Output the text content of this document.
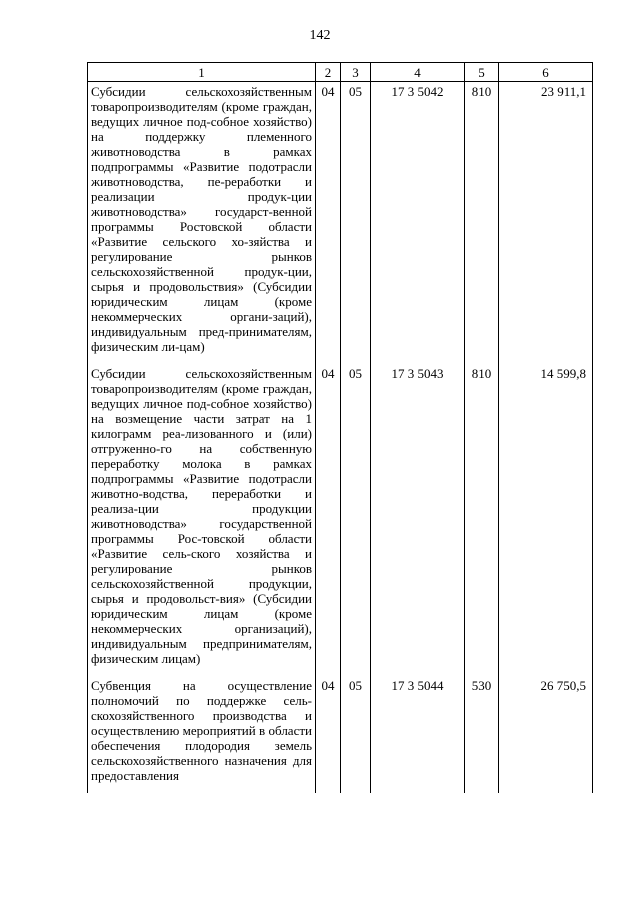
142
1	2	3	4	5	6
Субсидии сельскохозяйственным товаропроизводителям (кроме граждан, ведущих личное под-собное хозяйство) на поддержку племенного животноводства в рамках подпрограммы «Развитие подотрасли животноводства, пе-реработки и реализации продук-ции животноводства» государст-венной программы Ростовской области «Развитие сельского хо-зяйства и регулирование рынков сельскохозяйственной продук-ции, сырья и продовольствия» (Субсидии юридическим лицам (кроме некоммерческих органи-заций), индивидуальным пред-принимателям, физическим ли-цам)	04	05	17 3 5042	810	23 911,1
Субсидии сельскохозяйственным товаропроизводителям (кроме граждан, ведущих личное под-собное хозяйство) на возмещение части затрат на 1 килограмм реа-лизованного и (или) отгруженно-го на собственную переработку молока в рамках подпрограммы «Развитие подотрасли животно-водства, переработки и реализа-ции продукции животноводства» государственной программы Рос-товской области «Развитие сель-ского хозяйства и регулирование рынков сельскохозяйственной продукции, сырья и продовольст-вия» (Субсидии юридическим лицам (кроме некоммерческих организаций), индивидуальным предпринимателям, физическим лицам)	04	05	17 3 5043	810	14 599,8
Субвенция на осуществление полномочий по поддержке сель-скохозяйственного производства и осуществлению мероприятий в области обеспечения плодородия земель сельскохозяйственного назначения для предоставления	04	05	17 3 5044	530	26 750,5
